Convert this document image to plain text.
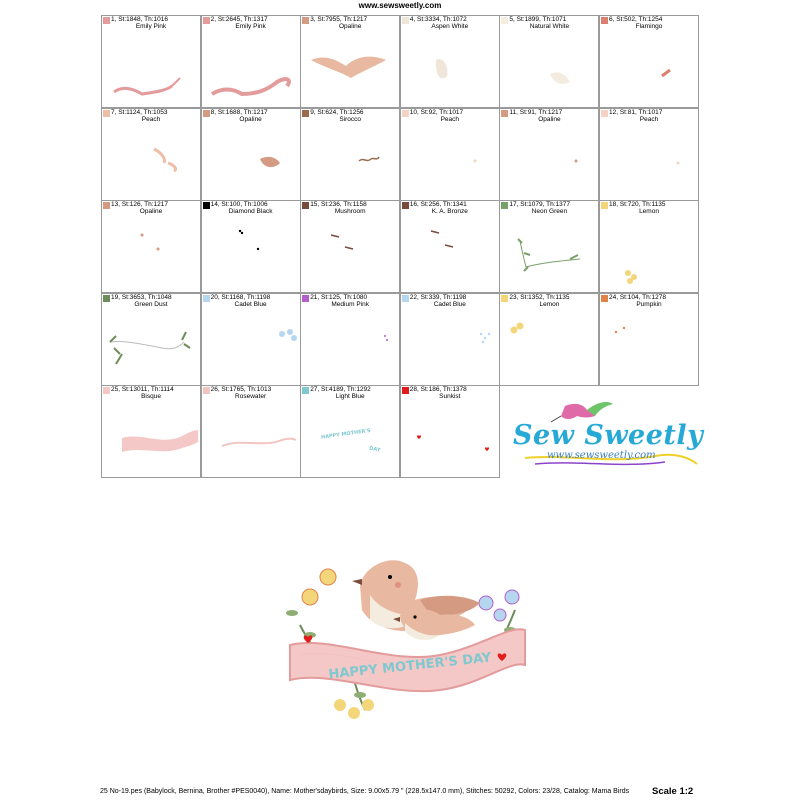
www.sewsweetly.com
1, St:1848, Th:1016
Emily Pink
2, St:2645, Th:1317
Emily Pink
3, St:7955, Th:1217
Opaline
4, St:3334, Th:1072
Aspen White
5, St:1899, Th:1071
Natural White
6, St:502, Th:1254
Flamingo
7, St:1124, Th:1053
Peach
8, St:1688, Th:1217
Opaline
9, St:624, Th:1256
Sirocco
10, St:92, Th:1017
Peach
11, St:91, Th:1217
Opaline
12, St:81, Th:1017
Peach
13, St:126, Th:1217
Opaline
14, St:100, Th:1006
Diamond Black
15, St:236, Th:1158
Mushroom
16, St:256, Th:1341
K. A. Bronze
17, St:1079, Th:1377
Neon Green
18, St:720, Th:1135
Lemon
19, St:3653, Th:1048
Green Dust
20, St:1168, Th:1198
Cadet Blue
21, St:125, Th:1080
Medium Pink
22, St:339, Th:1198
Cadet Blue
23, St:1352, Th:1135
Lemon
24, St:104, Th:1278
Pumpkin
25, St:13011, Th:1114
Bisque
26, St:1765, Th:1013
Rosewater
27, St:4189, Th:1292
Light Blue
HAPPY MOTHER'S
DAY
28, St:186, Th:1378
Sunkist
Sew Sweetly
www.sewsweetly.com
HAPPY MOTHER'S DAY
25 No-19.pes (Babylock, Bernina, Brother #PES0040), Name: Mother'sdaybirds, Size: 9.00x5.79 " (228.5x147.0 mm), Stitches: 50292, Colors: 23/28, Catalog: Mama Birds	Scale 1:2
